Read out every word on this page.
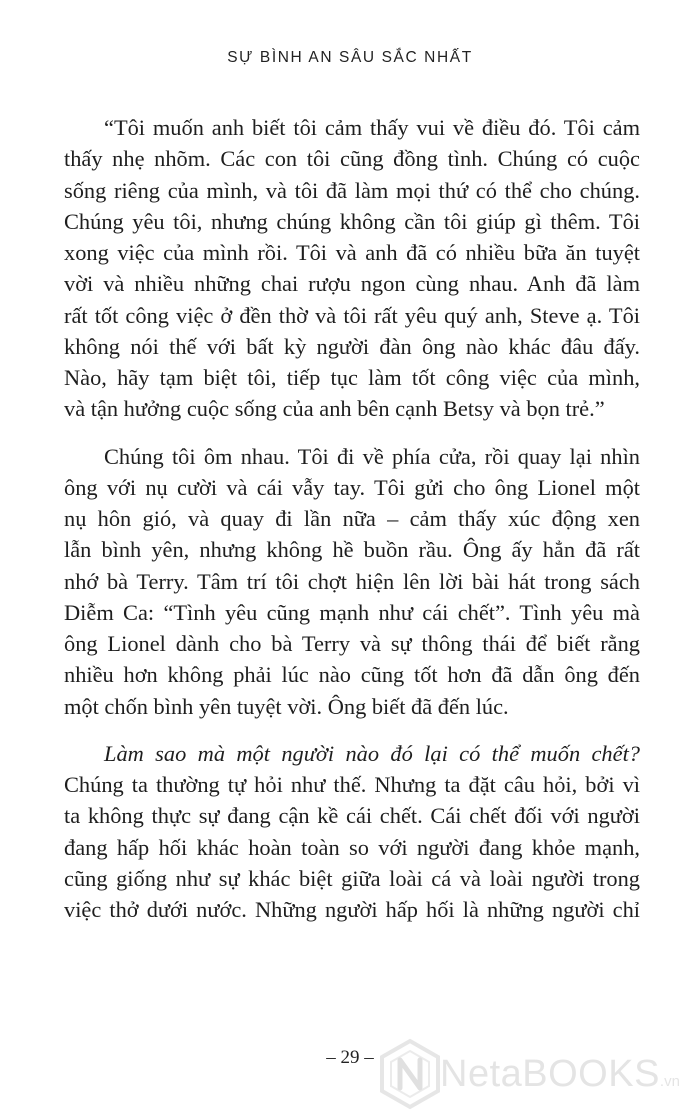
SỰ BÌNH AN SÂU SẮC NHẤT

“Tôi muốn anh biết tôi cảm thấy vui về điều đó. Tôi cảm
thấy nhẹ nhõm. Các con tôi cũng đồng tình. Chúng có cuộc
sống riêng của mình, và tôi đã làm mọi thứ có thể cho chúng.
Chúng yêu tôi, nhưng chúng không cần tôi giúp gì thêm. Tôi
xong việc của mình rồi. Tôi và anh đã có nhiều bữa ăn tuyệt
vời và nhiều những chai rượu ngon cùng nhau. Anh đã làm
rất tốt công việc ở đền thờ và tôi rất yêu quý anh, Steve ạ. Tôi
không nói thế với bất kỳ người đàn ông nào khác đâu đấy.
Nào, hãy tạm biệt tôi, tiếp tục làm tốt công việc của mình,
và tận hưởng cuộc sống của anh bên cạnh Betsy và bọn trẻ.”

Chúng tôi ôm nhau. Tôi đi về phía cửa, rồi quay lại nhìn
ông với nụ cười và cái vẫy tay. Tôi gửi cho ông Lionel một
nụ hôn gió, và quay đi lần nữa – cảm thấy xúc động xen
lẫn bình yên, nhưng không hề buồn rầu. Ông ấy hẳn đã rất
nhớ bà Terry. Tâm trí tôi chợt hiện lên lời bài hát trong sách
Diễm Ca: “Tình yêu cũng mạnh như cái chết”. Tình yêu mà
ông Lionel dành cho bà Terry và sự thông thái để biết rằng
nhiều hơn không phải lúc nào cũng tốt hơn đã dẫn ông đến
một chốn bình yên tuyệt vời. Ông biết đã đến lúc.

Làm sao mà một người nào đó lại có thể muốn chết?
Chúng ta thường tự hỏi như thế. Nhưng ta đặt câu hỏi, bởi vì
ta không thực sự đang cận kề cái chết. Cái chết đối với người
đang hấp hối khác hoàn toàn so với người đang khỏe mạnh,
cũng giống như sự khác biệt giữa loài cá và loài người trong
việc thở dưới nước. Những người hấp hối là những người chỉ

– 29 –	NetaBOOKS.vn
